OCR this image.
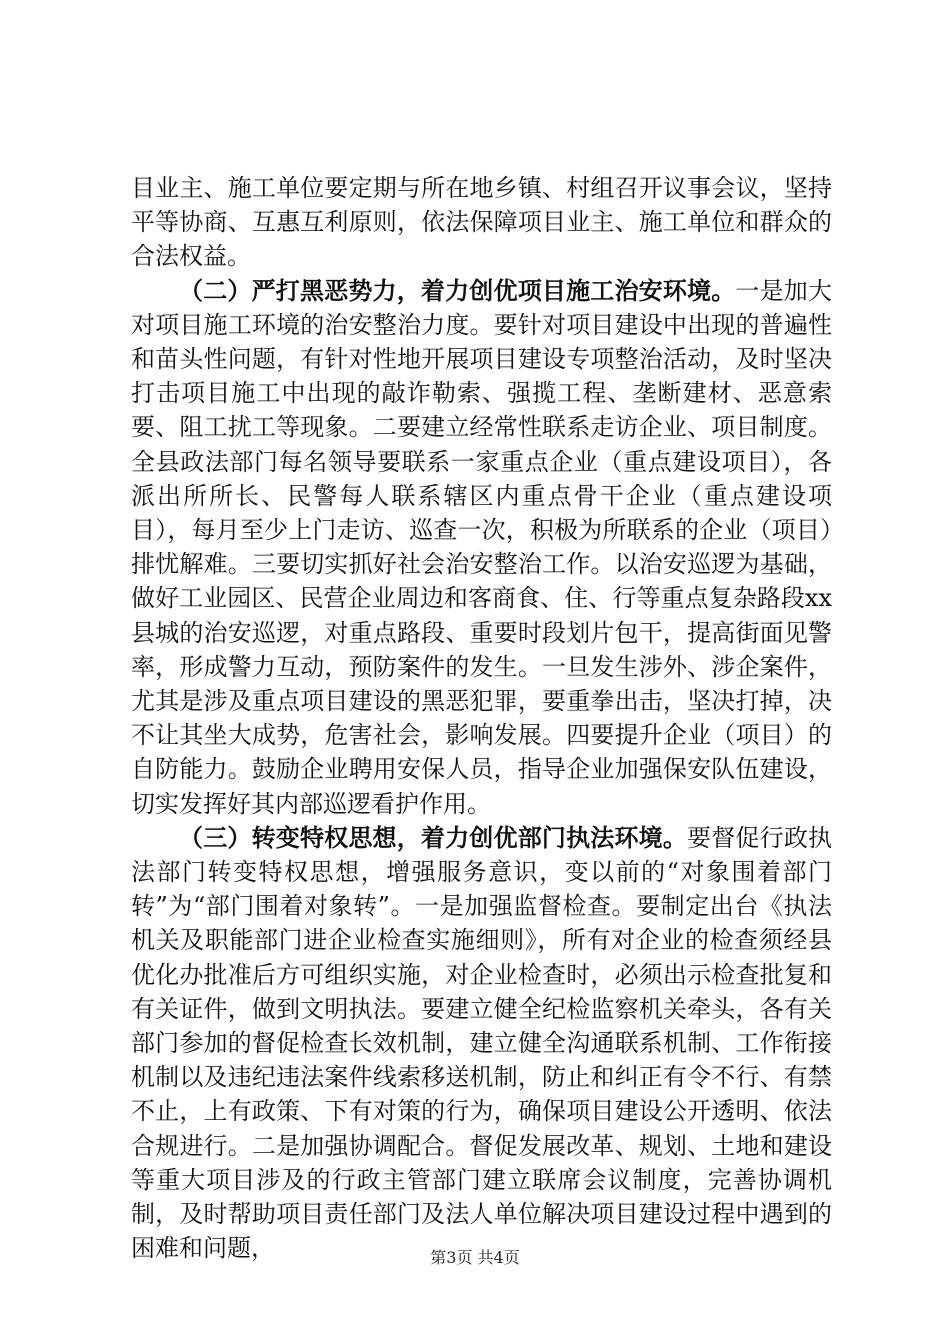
目业主、施工单位要定期与所在地乡镇、村组召开议事会议，坚持平等协商、互惠互利原则，依法保障项目业主、施工单位和群众的合法权益。

（二）严打黑恶势力，着力创优项目施工治安环境。一是加大对项目施工环境的治安整治力度。要针对项目建设中出现的普遍性和苗头性问题，有针对性地开展项目建设专项整治活动，及时坚决打击项目施工中出现的敲诈勒索、强揽工程、垄断建材、恶意索要、阻工扰工等现象。二要建立经常性联系走访企业、项目制度。全县政法部门每名领导要联系一家重点企业（重点建设项目），各派出所所长、民警每人联系辖区内重点骨干企业（重点建设项目），每月至少上门走访、巡查一次，积极为所联系的企业（项目）排忧解难。三要切实抓好社会治安整治工作。以治安巡逻为基础，做好工业园区、民营企业周边和客商食、住、行等重点复杂路段xx县城的治安巡逻，对重点路段、重要时段划片包干，提高街面见警率，形成警力互动，预防案件的发生。一旦发生涉外、涉企案件，尤其是涉及重点项目建设的黑恶犯罪，要重拳出击，坚决打掉，决不让其坐大成势，危害社会，影响发展。四要提升企业（项目）的自防能力。鼓励企业聘用安保人员，指导企业加强保安队伍建设，切实发挥好其内部巡逻看护作用。

（三）转变特权思想，着力创优部门执法环境。要督促行政执法部门转变特权思想，增强服务意识，变以前的“对象围着部门转”为“部门围着对象转”。一是加强监督检查。要制定出台《执法机关及职能部门进企业检查实施细则》，所有对企业的检查须经县优化办批准后方可组织实施，对企业检查时，必须出示检查批复和有关证件，做到文明执法。要建立健全纪检监察机关牵头，各有关部门参加的督促检查长效机制，建立健全沟通联系机制、工作衔接机制以及违纪违法案件线索移送机制，防止和纠正有令不行、有禁不止，上有政策、下有对策的行为，确保项目建设公开透明、依法合规进行。二是加强协调配合。督促发展改革、规划、土地和建设等重大项目涉及的行政主管部门建立联席会议制度，完善协调机制，及时帮助项目责任部门及法人单位解决项目建设过程中遇到的困难和问题，	第3页 共4页
